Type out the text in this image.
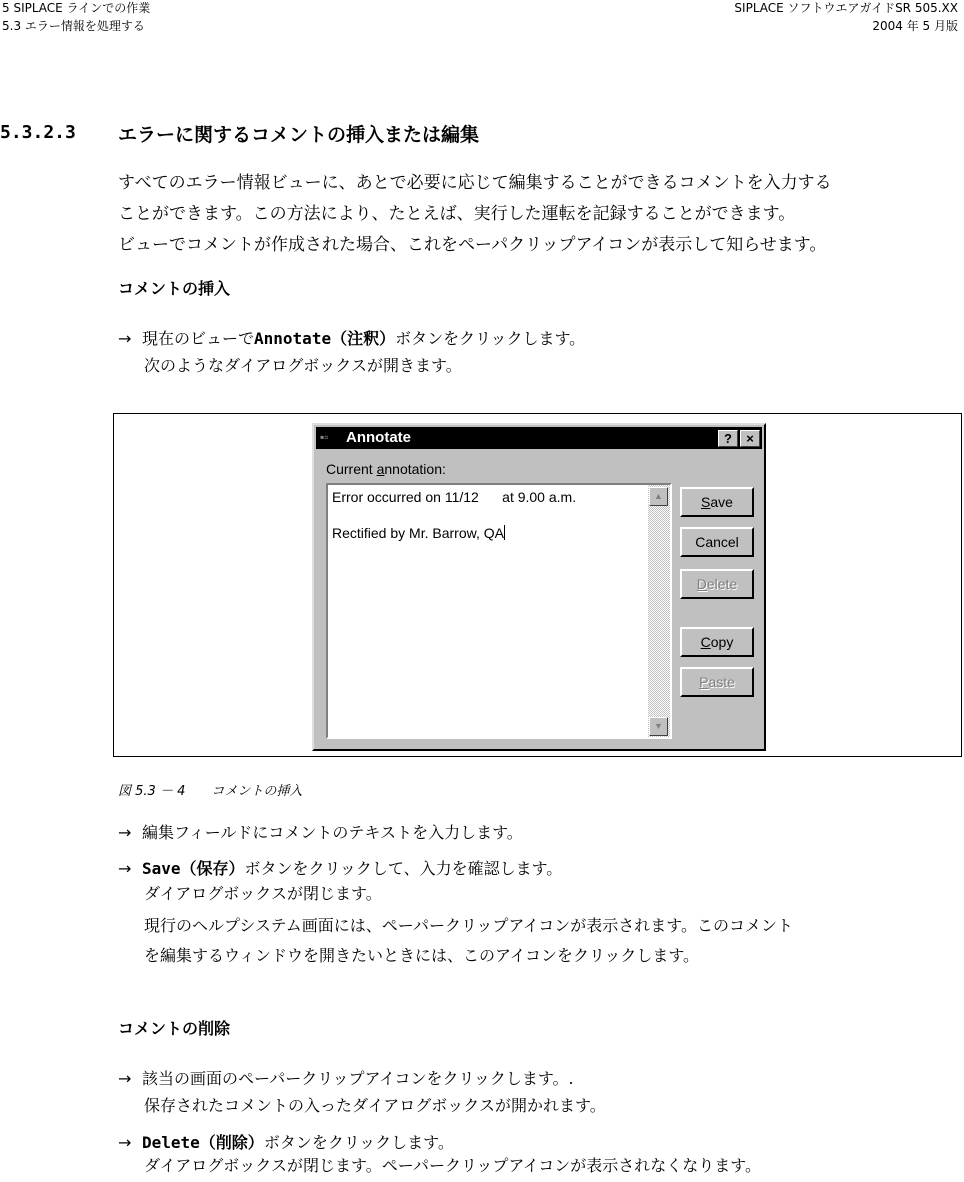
5 SIPLACE ラインでの作業
5.3 エラー情報を処理する
SIPLACE ソフトウエアガイドSR 505.XX
2004 年 5 月版
5.3.2.3 エラーに関するコメントの挿入または編集
すべてのエラー情報ビューに、あとで必要に応じて編集することができるコメントを入力する
ことができます。この方法により、たとえば、実行した運転を記録することができます。
ビューでコメントが作成された場合、これをペーパクリップアイコンが表示して知らせます。
コメントの挿入
→ 現在のビューでAnnotate（注釈）ボタンをクリックします。
次のようなダイアログボックスが開きます。
▪▫	Annotate	?	×
Current annotation:
Error occurred on 11/12      at 9.00 a.m.
Rectified by Mr. Barrow, QA
▲
▼
Save
Cancel
Delete
Copy
Paste
図 5.3 － 4 コメントの挿入
→ 編集フィールドにコメントのテキストを入力します。
→ Save（保存）ボタンをクリックして、入力を確認します。
ダイアログボックスが閉じます。
現行のヘルプシステム画面には、ペーパークリップアイコンが表示されます。このコメント
を編集するウィンドウを開きたいときには、このアイコンをクリックします。
コメントの削除
→ 該当の画面のペーパークリップアイコンをクリックします。.
保存されたコメントの入ったダイアログボックスが開かれます。
→ Delete（削除）ボタンをクリックします。
ダイアログボックスが閉じます。ペーパークリップアイコンが表示されなくなります。
